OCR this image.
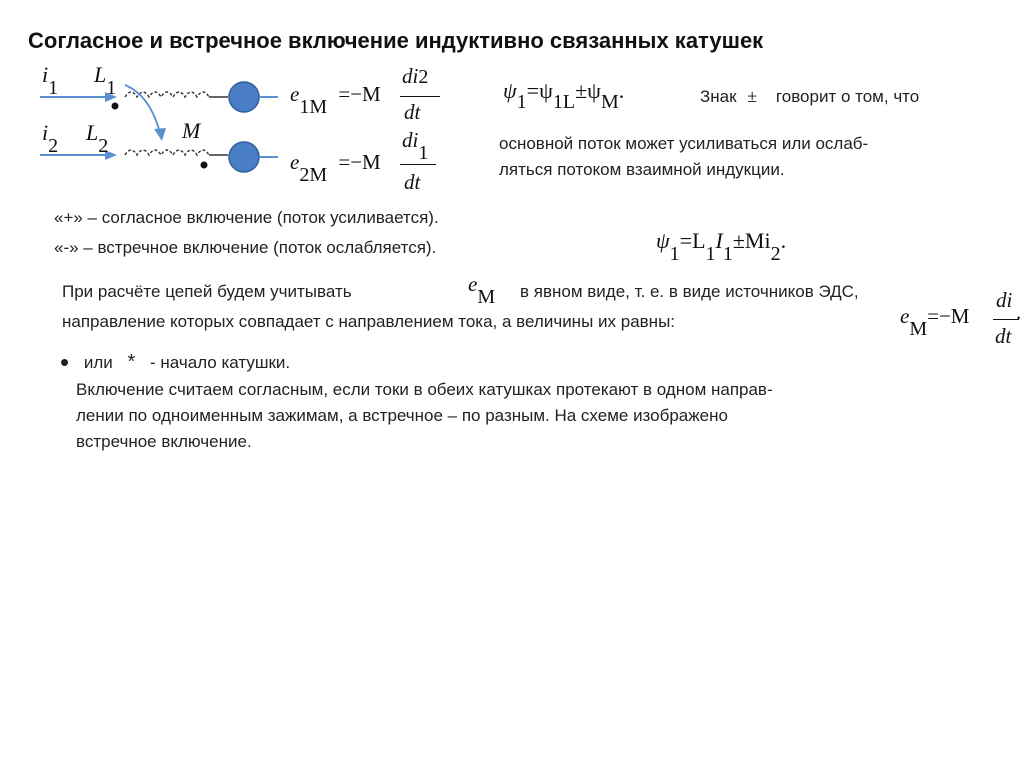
Согласное и встречное включение индуктивно связанных катушек
i1
L1
i2
L2
M
e1M =−M
di2
dt
e2M =−M
di1
dt
ψ1=ψ1L±ψM.	Знак ± говорит о том, что
основной поток может усиливаться или ослаб-
ляться потоком взаимной индукции.
«+» – согласное включение (поток усиливается).
«-» – встречное включение (поток ослабляется).	ψ1=L1I1±Mi2.
При расчёте цепей будем учитывать	eM в явном виде, т. е. в виде источников ЭДС,
направление которых совпадает с направлением тока, а величины их равны:	eM=−M
di
dt
.
• или * - начало катушки.
Включение считаем согласным, если токи в обеих катушках протекают в одном направ-
лении по одноименным зажимам, а встречное – по разным. На схеме изображено
встречное включение.
